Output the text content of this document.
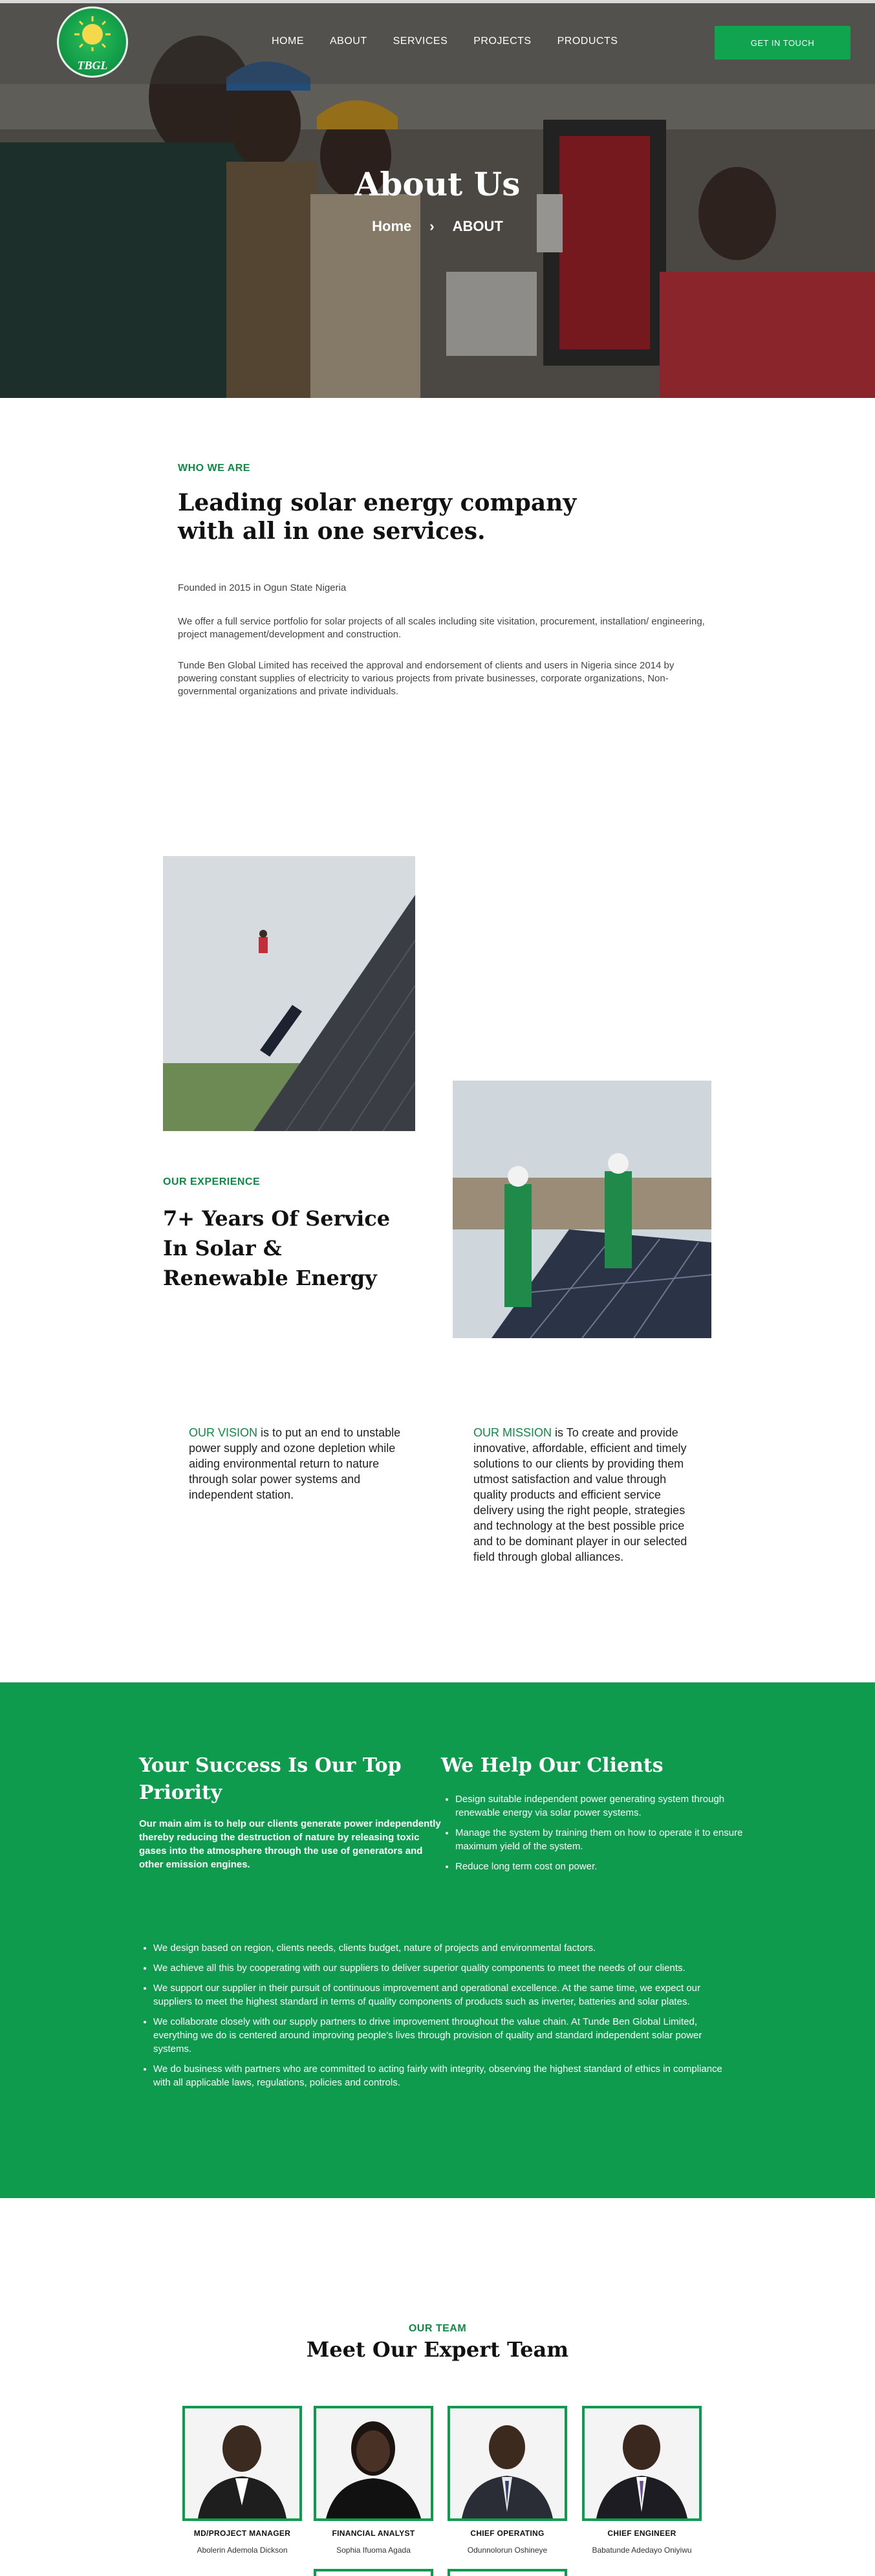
TBGL
HOME	ABOUT	SERVICES	PROJECTS	PRODUCTS	GET IN TOUCH
About Us
Home › ABOUT
WHO WE ARE
Leading solar energy company with all in one services.

Founded in 2015 in Ogun State Nigeria

We offer a full service portfolio for solar projects of all scales including site visitation, procurement, installation/ engineering, project management/development and construction.

Tunde Ben Global Limited has received the approval and endorsement of clients and users in Nigeria since 2014 by powering constant supplies of electricity to various projects from private businesses, corporate organizations, Non-governmental organizations and private individuals.

OUR EXPERIENCE
7+ Years Of Service In Solar & Renewable Energy
OUR VISION is to put an end to unstable power supply and ozone depletion while aiding environmental return to nature through solar power systems and independent station.
OUR MISSION is To create and provide innovative, affordable, efficient and timely solutions to our clients by providing them utmost satisfaction and value through quality products and efficient service delivery using the right people, strategies and technology at the best possible price and to be dominant player in our selected field through global alliances.
Your Success Is Our Top Priority

Our main aim is to help our clients generate power independently thereby reducing the destruction of nature by releasing toxic gases into the atmosphere through the use of generators and other emission engines.

We Help Our Clients
• Design suitable independent power generating system through renewable energy via solar power systems.
• Manage the system by training them on how to operate it to ensure maximum yield of the system.
• Reduce long term cost on power.
• We design based on region, clients needs, clients budget, nature of projects and environmental factors.
• We achieve all this by cooperating with our suppliers to deliver superior quality components to meet the needs of our clients.
• We support our supplier in their pursuit of continuous improvement and operational excellence. At the same time, we expect our suppliers to meet the highest standard in terms of quality components of products such as inverter, batteries and solar plates.
• We collaborate closely with our supply partners to drive improvement throughout the value chain. At Tunde Ben Global Limited, everything we do is centered around improving people's lives through provision of quality and standard independent solar power systems.
• We do business with partners who are committed to acting fairly with integrity, observing the highest standard of ethics in compliance with all applicable laws, regulations, policies and controls.
OUR TEAM
Meet Our Expert Team
MD/PROJECT MANAGER
Abolerin Ademola Dickson
FINANCIAL ANALYST
Sophia Ifuoma Agada
CHIEF OPERATING
Odunnolorun Oshineye
CHIEF ENGINEER
Babatunde Adedayo Oniyiwu
